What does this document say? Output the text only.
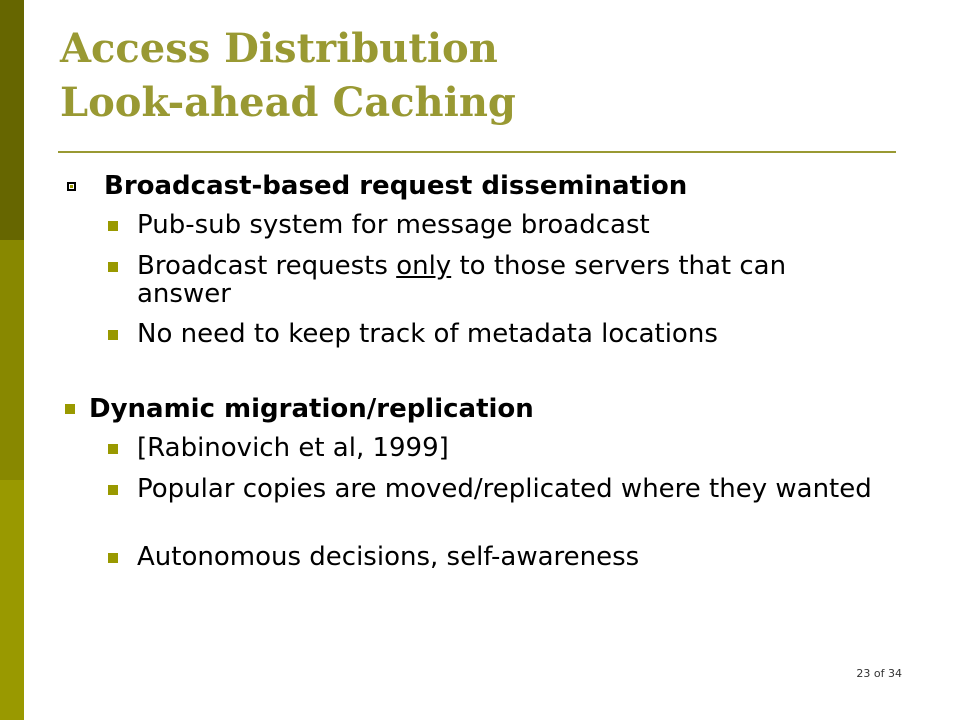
Access Distribution
Look-ahead Caching
Broadcast-based request dissemination
Pub-sub system for message broadcast
Broadcast requests only to those servers that can answer
No need to keep track of metadata locations
Dynamic migration/replication
[Rabinovich et al, 1999]
Popular copies are moved/replicated where they wanted
Autonomous decisions, self-awareness
23 of 34
